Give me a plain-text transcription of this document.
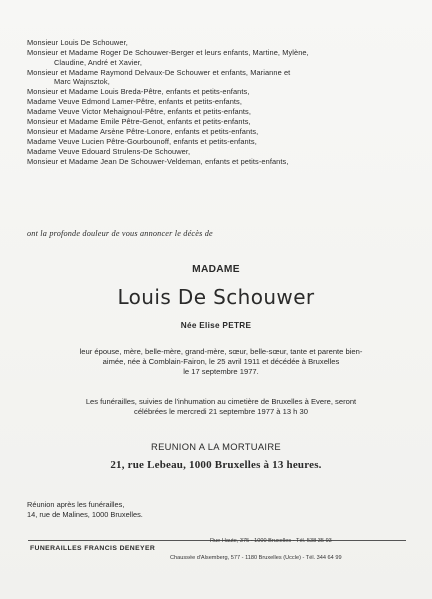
Monsieur Louis De Schouwer,
Monsieur et Madame Roger De Schouwer-Berger et leurs enfants, Martine, Mylène,
Claudine, André et Xavier,
Monsieur et Madame Raymond Delvaux-De Schouwer et enfants, Marianne et
Marc Wajnsztok,
Monsieur et Madame Louis Breda-Pêtre, enfants et petits-enfants,
Madame Veuve Edmond Lamer-Pêtre, enfants et petits-enfants,
Madame Veuve Victor Mehaignoul-Pêtre, enfants et petits-enfants,
Monsieur et Madame Emile Pêtre-Genot, enfants et petits-enfants,
Monsieur et Madame Arsène Pêtre-Lonore, enfants et petits-enfants,
Madame Veuve Lucien Pêtre-Gourbounoff, enfants et petits-enfants,
Madame Veuve Edouard Strulens-De Schouwer,
Monsieur et Madame Jean De Schouwer-Veldeman, enfants et petits-enfants,
ont la profonde douleur de vous annoncer le décès de
MADAME
Louis De Schouwer
Née Elise PETRE
leur épouse, mère, belle-mère, grand-mère, sœur, belle-sœur, tante et parente bien-
aimée, née à Comblain-Fairon, le 25 avril 1911 et décédée à Bruxelles
le 17 septembre 1977.
Les funérailles, suivies de l'inhumation au cimetière de Bruxelles à Evere, seront
célébrées le mercredi 21 septembre 1977 à 13 h 30
REUNION A LA MORTUAIRE
21, rue Lebeau, 1000 Bruxelles à 13 heures.
Réunion après les funérailles,
14, rue de Malines, 1000 Bruxelles.
FUNERAILLES FRANCIS DENEYER
Rue Haute, 375 - 1000 Bruxelles - Tél. 538 35 93
Chaussée d'Alsemberg, 577 - 1180 Bruxelles (Uccle) - Tél. 344 64 99
